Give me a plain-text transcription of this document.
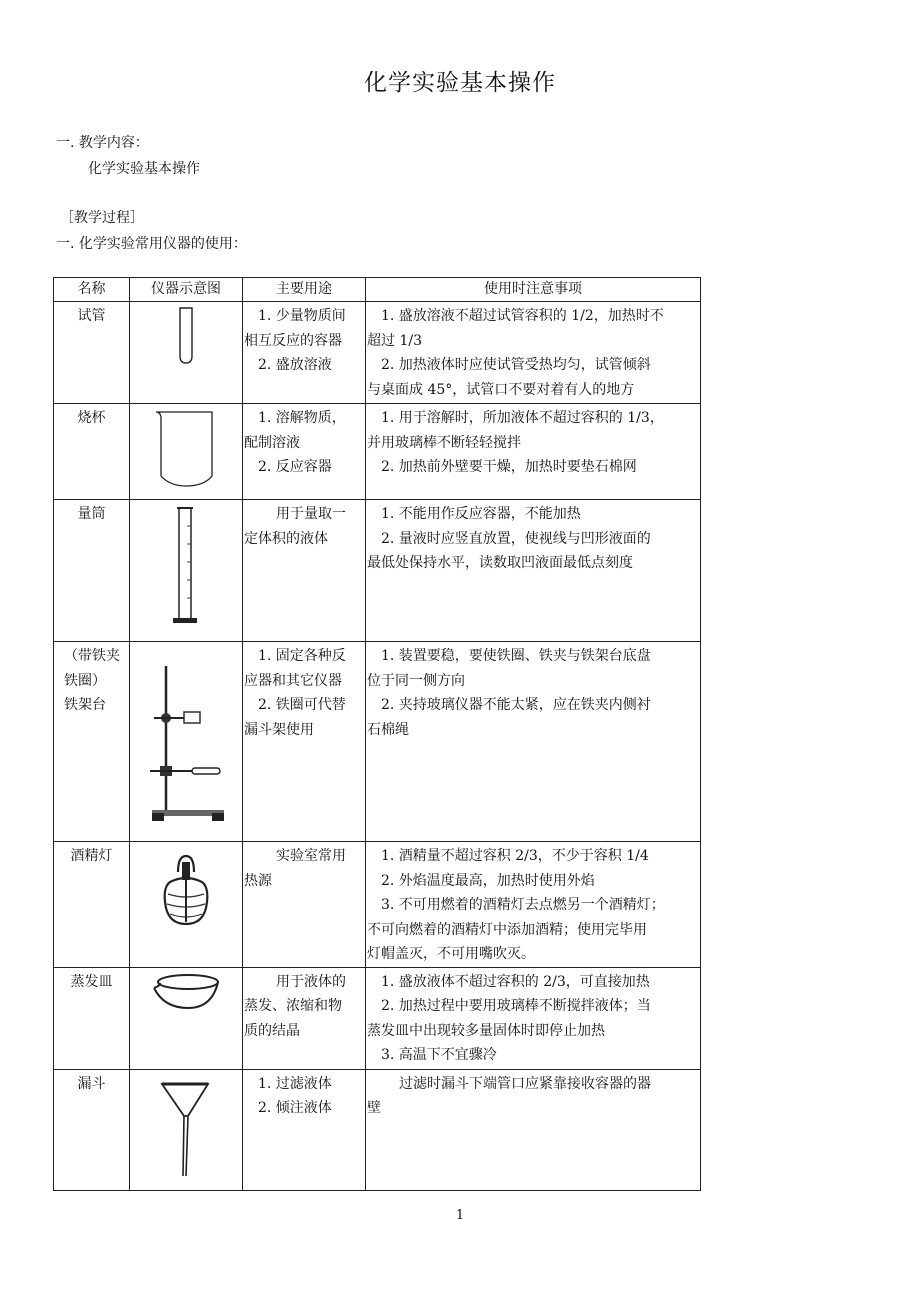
化学实验基本操作
一. 教学内容：
化学实验基本操作
［教学过程］
一. 化学实验常用仪器的使用：
名称	仪器示意图	主要用途	使用时注意事项
试管		1. 少量物质间
相互反应的容器
2. 盛放溶液	1. 盛放溶液不超过试管容积的 1/2，加热时不
超过 1/3
2. 加热液体时应使试管受热均匀，试管倾斜
与桌面成 45°，试管口不要对着有人的地方

烧杯		1. 溶解物质，
配制溶液
2. 反应容器	1. 用于溶解时，所加液体不超过容积的 1/3，
并用玻璃棒不断轻轻搅拌
2. 加热前外壁要干燥，加热时要垫石棉网

量筒		用于量取一
定体积的液体	1. 不能用作反应容器，不能加热
2. 量液时应竖直放置，使视线与凹形液面的
最低处保持水平，读数取凹液面最低点刻度

（带铁夹
铁圈）
铁架台		1. 固定各种反
应器和其它仪器
2. 铁圈可代替
漏斗架使用	1. 装置要稳，要使铁圈、铁夹与铁架台底盘
位于同一侧方向
2. 夹持玻璃仪器不能太紧，应在铁夹内侧衬
石棉绳

酒精灯		实验室常用
热源	1. 酒精量不超过容积 2/3，不少于容积 1/4
2. 外焰温度最高，加热时使用外焰
3. 不可用燃着的酒精灯去点燃另一个酒精灯；
不可向燃着的酒精灯中添加酒精；使用完毕用
灯帽盖灭，不可用嘴吹灭。

蒸发皿		用于液体的
蒸发、浓缩和物
质的结晶	1. 盛放液体不超过容积的 2/3，可直接加热
2. 加热过程中要用玻璃棒不断搅拌液体；当
蒸发皿中出现较多量固体时即停止加热
3. 高温下不宜骤冷

漏斗		1. 过滤液体
2. 倾注液体	过滤时漏斗下端管口应紧靠接收容器的器
壁
1
